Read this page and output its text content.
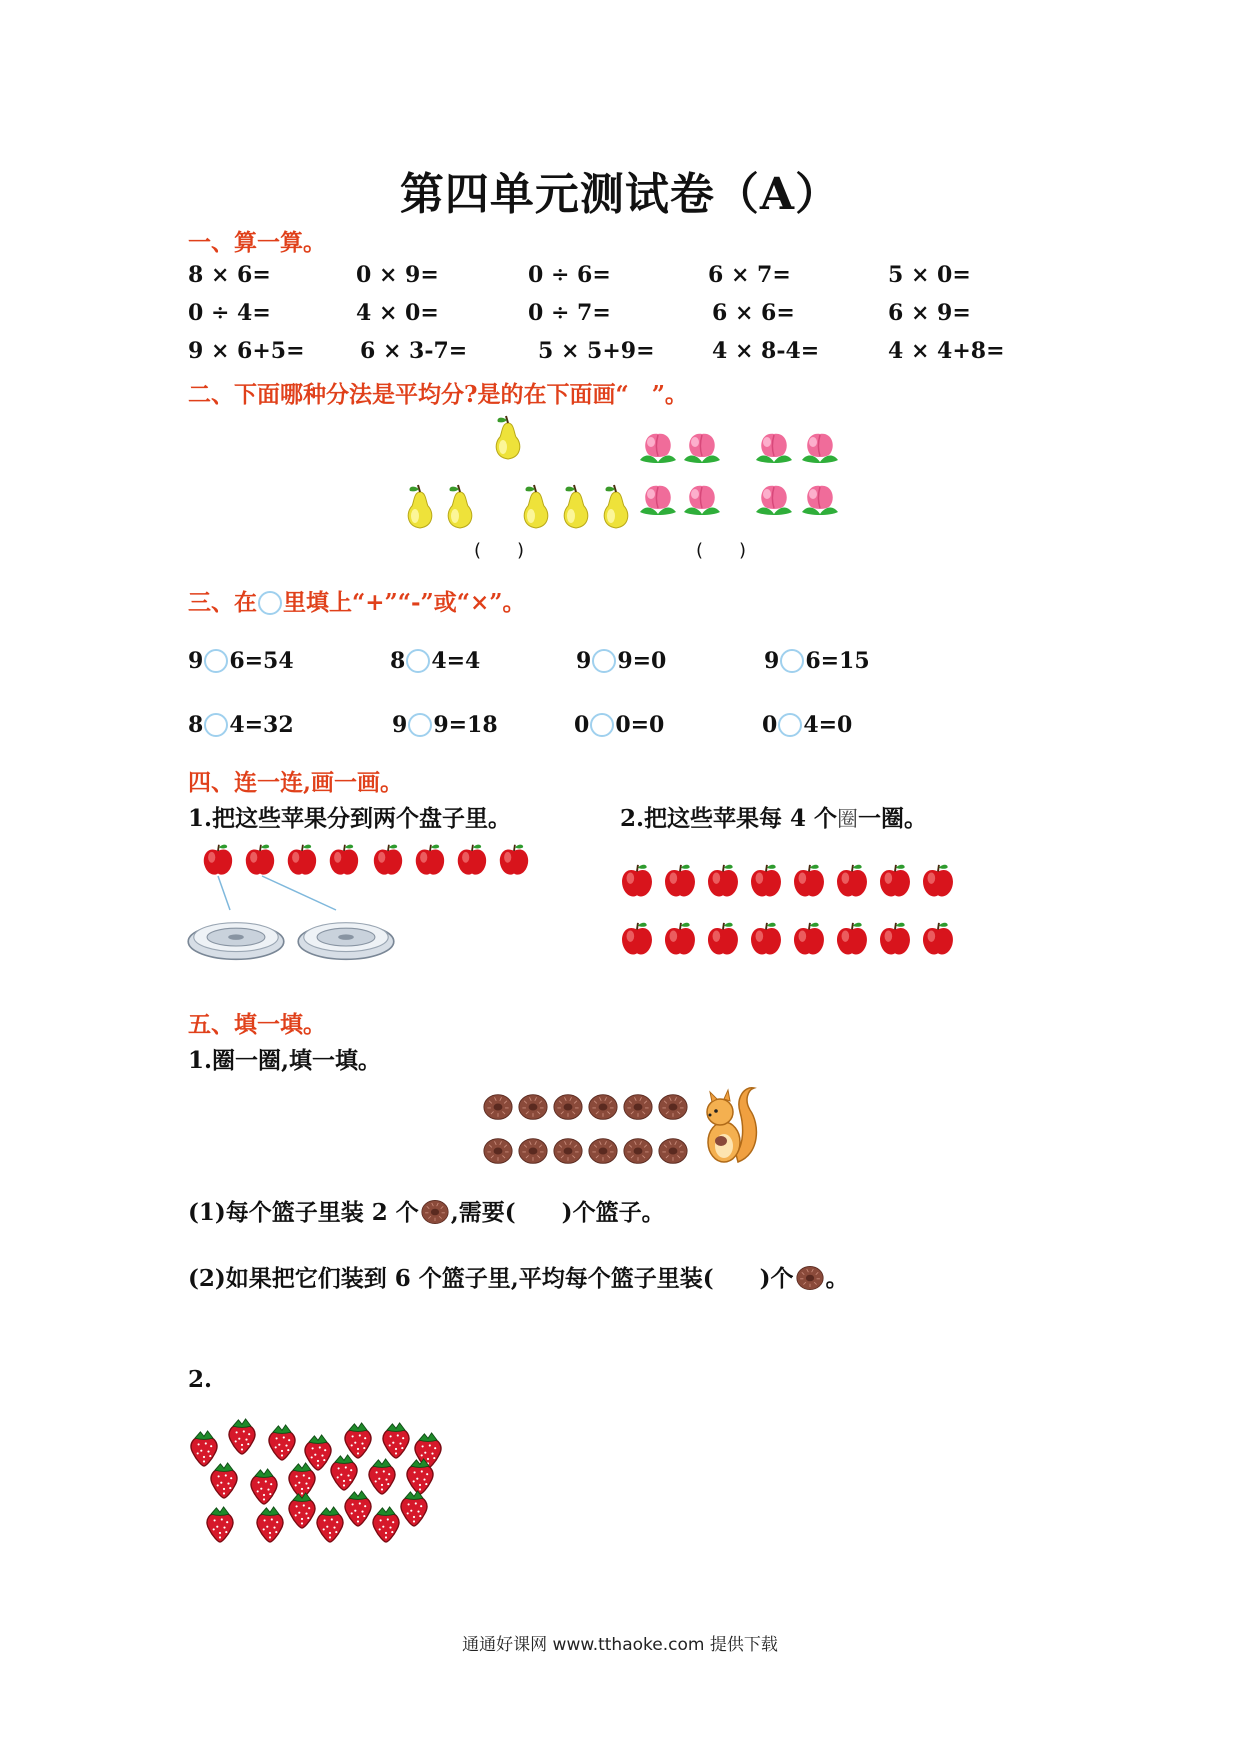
第四单元测试卷（A）
一、算一算。
8 × 6=	0 × 9=	0 ÷ 6=	6 × 7=	5 × 0=
0 ÷ 4=	4 × 0=	0 ÷ 7=	6 × 6=	6 × 9=
9 × 6+5=	6 × 3-7=	5 × 5+9=	4 × 8-4=	4 × 4+8=
二、下面哪种分法是平均分?是的在下面画“　”。
(　　)	(　　)
三、在 里填上“+”“-”或“×”。
9 6=54	8 4=4	9 9=0	9 6=15
8 4=32	9 9=18	0 0=0	0 4=0
四、连一连,画一画。
1.把这些苹果分到两个盘子里。	2.把这些苹果每 4 个圈一圈。
五、填一填。
1.圈一圈,填一填。
(1)每个篮子里装 2 个 ,需要(　　)个篮子。
(2)如果把它们装到 6 个篮子里,平均每个篮子里装(　　)个 。
2.
通通好课网 www.tthaoke.com 提供下载
